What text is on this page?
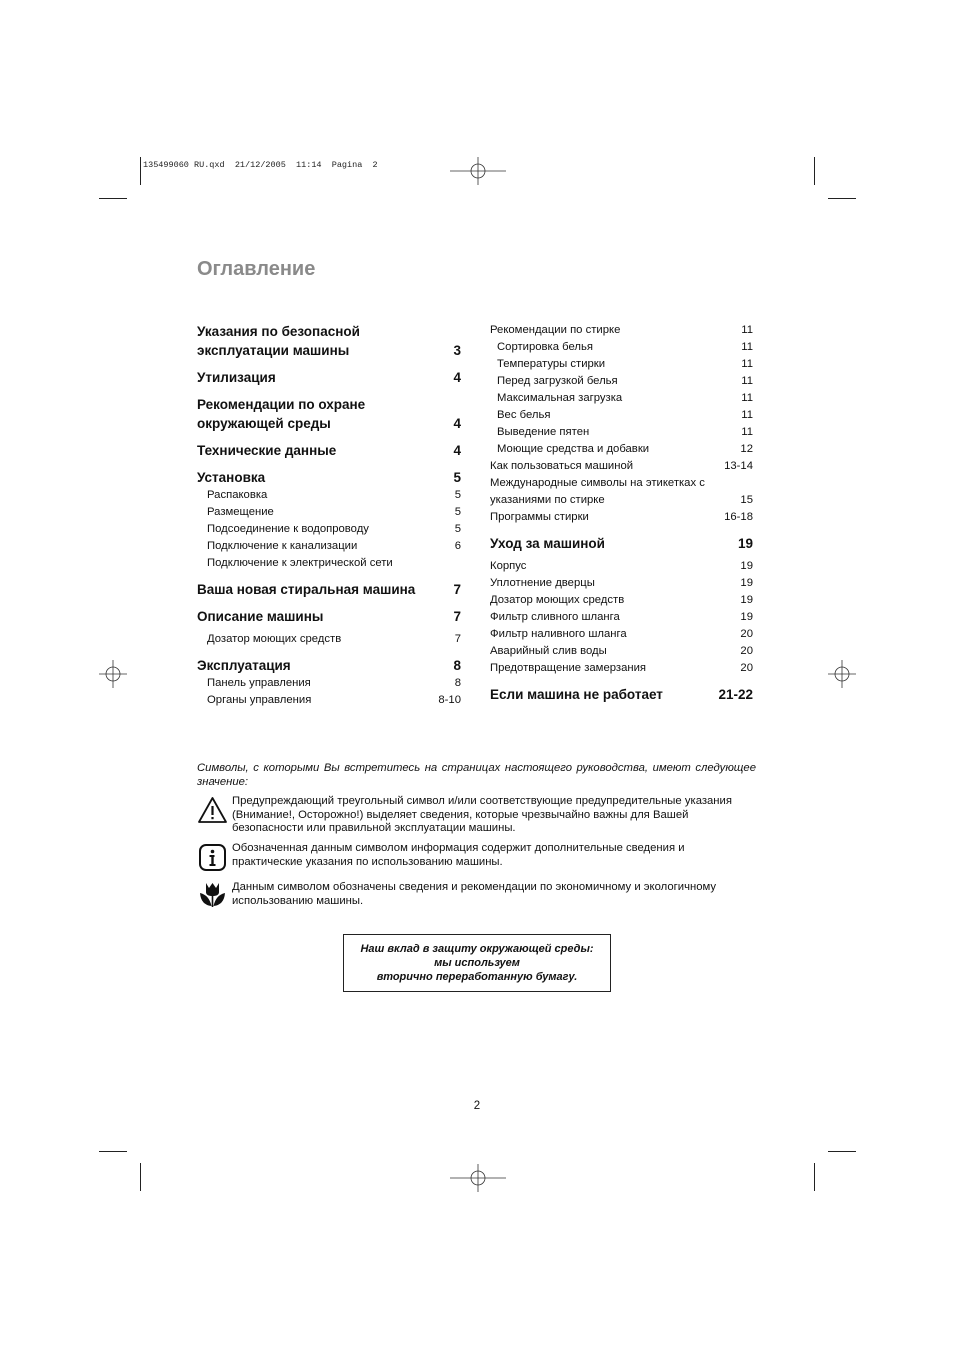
135499060 RU.qxd  21/12/2005  11:14  Pagina  2
Оглавление
Указания по безопасной
эксплуатации машины	3
Утилизация	4
Рекомендации по охране
окружающей среды	4
Технические данные	4
Установка	5
Распаковка	5
Размещение	5
Подсоединение к водопроводу	5
Подключение к канализации	6
Подключение к электрической сети
Ваша новая стиральная машина	7
Описание машины	7
Дозатор моющих средств	7
Эксплуатация	8
Панель управления	8
Органы управления	8-10
Рекомендации по стирке	11
Сортировка белья	11
Температуры стирки	11
Перед загрузкой белья	11
Максимальная загрузка	11
Вес белья	11
Выведение пятен	11
Моющие средства и добавки	12
Как пользоваться машиной	13-14
Международные символы на этикетках с
указаниями по стирке	15
Программы стирки	16-18
Уход за машиной	19
Корпус	19
Уплотнение дверцы	19
Дозатор моющих средств	19
Фильтр сливного шланга	19
Фильтр наливного шланга	20
Аварийный слив воды	20
Предотвращение замерзания	20
Если машина не работает	21-22
Символы, с которыми Вы встретитесь на страницах настоящего руководства, имеют следующее значение:
Предупреждающий треугольный символ и/или соответствующие предупредительные указания (Внимание!, Осторожно!) выделяет сведения, которые чрезвычайно важны для Вашей безопасности или правильной эксплуатации машины.
Обозначенная данным символом информация содержит дополнительные сведения и практические указания по использованию машины.
Данным символом обозначены сведения и рекомендации по экономичному и экологичному использованию машины.
Наш вклад в защиту окружающей среды:
мы используем
вторично переработанную бумагу.
2
